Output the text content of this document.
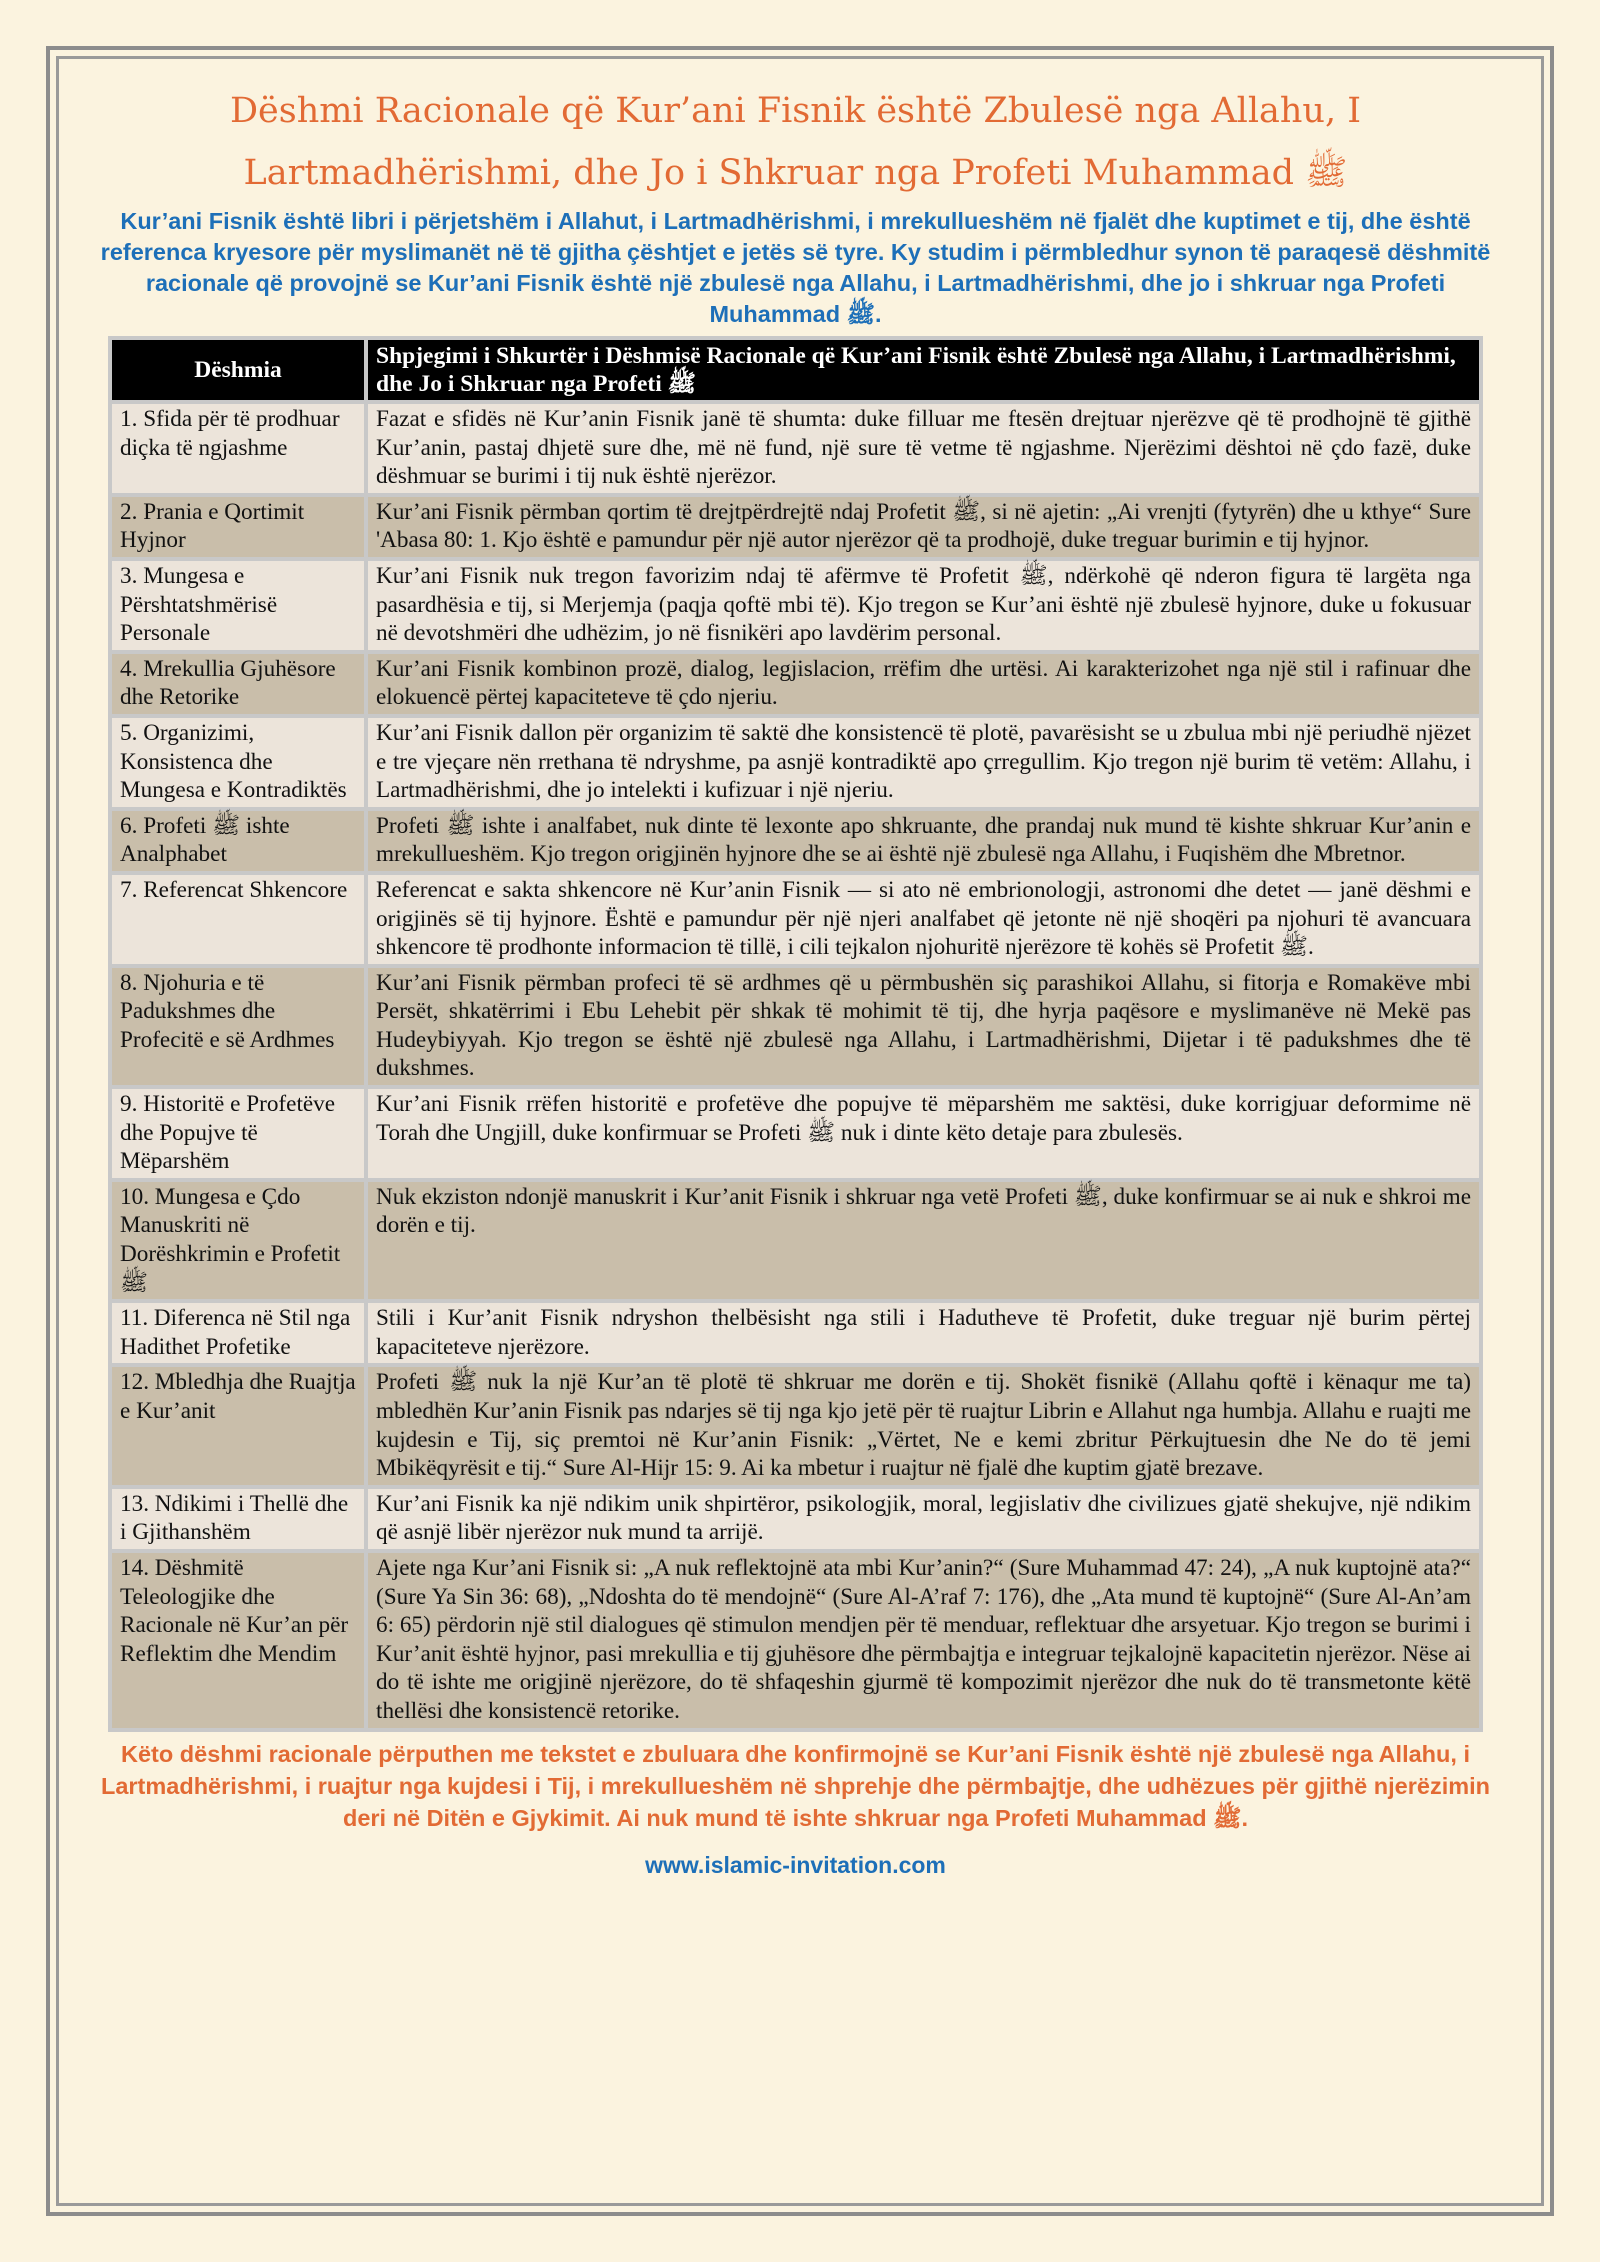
Dëshmi Racionale që Kur’ani Fisnik është Zbulesë nga Allahu, I Lartmadhërishmi, dhe Jo i Shkruar nga Profeti Muhammad ﷺ
Kur’ani Fisnik është libri i përjetshëm i Allahut, i Lartmadhërishmi, i mrekullueshëm në fjalët dhe kuptimet e tij, dhe është referenca kryesore për myslimanët në të gjitha çështjet e jetës së tyre. Ky studim i përmbledhur synon të paraqesë dëshmitë racionale që provojnë se Kur’ani Fisnik është një zbulesë nga Allahu, i Lartmadhërishmi, dhe jo i shkruar nga Profeti Muhammad ﷺ.
Dëshmia	Shpjegimi i Shkurtër i Dëshmisë Racionale që Kur’ani Fisnik është Zbulesë nga Allahu, i Lartmadhërishmi, dhe Jo i Shkruar nga Profeti ﷺ
1. Sfida për të prodhuar diçka të ngjashme	Fazat e sfidës në Kur’anin Fisnik janë të shumta: duke filluar me ftesën drejtuar njerëzve që të prodhojnë të gjithë Kur’anin, pastaj dhjetë sure dhe, më në fund, një sure të vetme të ngjashme. Njerëzimi dështoi në çdo fazë, duke dëshmuar se burimi i tij nuk është njerëzor.
2. Prania e Qortimit Hyjnor	Kur’ani Fisnik përmban qortim të drejtpërdrejtë ndaj Profetit ﷺ, si në ajetin: „Ai vrenjti (fytyrën) dhe u kthye“ Sure 'Abasa 80: 1. Kjo është e pamundur për një autor njerëzor që ta prodhojë, duke treguar burimin e tij hyjnor.
3. Mungesa e Përshtatshmërisë Personale	Kur’ani Fisnik nuk tregon favorizim ndaj të afërmve të Profetit ﷺ, ndërkohë që nderon figura të largëta nga pasardhësia e tij, si Merjemja (paqja qoftë mbi të). Kjo tregon se Kur’ani është një zbulesë hyjnore, duke u fokusuar në devotshmëri dhe udhëzim, jo në fisnikëri apo lavdërim personal.
4. Mrekullia Gjuhësore dhe Retorike	Kur’ani Fisnik kombinon prozë, dialog, legjislacion, rrëfim dhe urtësi. Ai karakterizohet nga një stil i rafinuar dhe elokuencë përtej kapaciteteve të çdo njeriu.
5. Organizimi, Konsistenca dhe Mungesa e Kontradiktës	Kur’ani Fisnik dallon për organizim të saktë dhe konsistencë të plotë, pavarësisht se u zbulua mbi një periudhë njëzet e tre vjeçare nën rrethana të ndryshme, pa asnjë kontradiktë apo çrregullim. Kjo tregon një burim të vetëm: Allahu, i Lartmadhërishmi, dhe jo intelekti i kufizuar i një njeriu.
6. Profeti ﷺ ishte Analphabet	Profeti ﷺ ishte i analfabet, nuk dinte të lexonte apo shkruante, dhe prandaj nuk mund të kishte shkruar Kur’anin e mrekullueshëm. Kjo tregon origjinën hyjnore dhe se ai është një zbulesë nga Allahu, i Fuqishëm dhe Mbretnor.
7. Referencat Shkencore	Referencat e sakta shkencore në Kur’anin Fisnik — si ato në embrionologji, astronomi dhe detet — janë dëshmi e origjinës së tij hyjnore. Është e pamundur për një njeri analfabet që jetonte në një shoqëri pa njohuri të avancuara shkencore të prodhonte informacion të tillë, i cili tejkalon njohuritë njerëzore të kohës së Profetit ﷺ.
8. Njohuria e të Padukshmes dhe Profecitë e së Ardhmes	Kur’ani Fisnik përmban profeci të së ardhmes që u përmbushën siç parashikoi Allahu, si fitorja e Romakëve mbi Persët, shkatërrimi i Ebu Lehebit për shkak të mohimit të tij, dhe hyrja paqësore e myslimanëve në Mekë pas Hudeybiyyah. Kjo tregon se është një zbulesë nga Allahu, i Lartmadhërishmi, Dijetar i të padukshmes dhe të dukshmes.
9. Historitë e Profetëve dhe Popujve të Mëparshëm	Kur’ani Fisnik rrëfen historitë e profetëve dhe popujve të mëparshëm me saktësi, duke korrigjuar deformime në Torah dhe Ungjill, duke konfirmuar se Profeti ﷺ nuk i dinte këto detaje para zbulesës.
10. Mungesa e Çdo Manuskriti në Dorëshkrimin e Profetit ﷺ	Nuk ekziston ndonjë manuskrit i Kur’anit Fisnik i shkruar nga vetë Profeti ﷺ, duke konfirmuar se ai nuk e shkroi me dorën e tij.
11. Diferenca në Stil nga Hadithet Profetike	Stili i Kur’anit Fisnik ndryshon thelbësisht nga stili i Hadutheve të Profetit, duke treguar një burim përtej kapaciteteve njerëzore.
12. Mbledhja dhe Ruajtja e Kur’anit	Profeti ﷺ nuk la një Kur’an të plotë të shkruar me dorën e tij. Shokët fisnikë (Allahu qoftë i kënaqur me ta) mbledhën Kur’anin Fisnik pas ndarjes së tij nga kjo jetë për të ruajtur Librin e Allahut nga humbja. Allahu e ruajti me kujdesin e Tij, siç premtoi në Kur’anin Fisnik: „Vërtet, Ne e kemi zbritur Përkujtuesin dhe Ne do të jemi Mbikëqyrësit e tij.“ Sure Al-Hijr 15: 9. Ai ka mbetur i ruajtur në fjalë dhe kuptim gjatë brezave.
13. Ndikimi i Thellë dhe i Gjithanshëm	Kur’ani Fisnik ka një ndikim unik shpirtëror, psikologjik, moral, legjislativ dhe civilizues gjatë shekujve, një ndikim që asnjë libër njerëzor nuk mund ta arrijë.
14. Dëshmitë Teleologjike dhe Racionale në Kur’an për Reflektim dhe Mendim	Ajete nga Kur’ani Fisnik si: „A nuk reflektojnë ata mbi Kur’anin?“ (Sure Muhammad 47: 24), „A nuk kuptojnë ata?“ (Sure Ya Sin 36: 68), „Ndoshta do të mendojnë“ (Sure Al-A’raf 7: 176), dhe „Ata mund të kuptojnë“ (Sure Al-An’am 6: 65) përdorin një stil dialogues që stimulon mendjen për të menduar, reflektuar dhe arsyetuar. Kjo tregon se burimi i Kur’anit është hyjnor, pasi mrekullia e tij gjuhësore dhe përmbajtja e integruar tejkalojnë kapacitetin njerëzor. Nëse ai do të ishte me origjinë njerëzore, do të shfaqeshin gjurmë të kompozimit njerëzor dhe nuk do të transmetonte këtë thellësi dhe konsistencë retorike.
Këto dëshmi racionale përputhen me tekstet e zbuluara dhe konfirmojnë se Kur’ani Fisnik është një zbulesë nga Allahu, i Lartmadhërishmi, i ruajtur nga kujdesi i Tij, i mrekullueshëm në shprehje dhe përmbajtje, dhe udhëzues për gjithë njerëzimin deri në Ditën e Gjykimit. Ai nuk mund të ishte shkruar nga Profeti Muhammad ﷺ.
www.islamic-invitation.com
